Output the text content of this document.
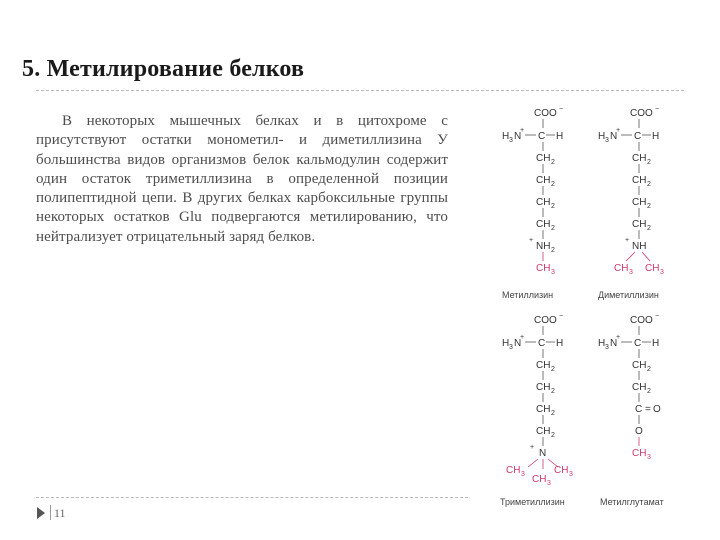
5. Метилирование белков
В некоторых мышечных белках и в цитохроме с присутствуют остатки монометил- и диметиллизина У большинства видов организмов белок кальмодулин содержит один остаток триметиллизина в определенной позиции полипептидной цепи. В других белках карбоксильные группы некоторых остатков Glu подвергаются метилированию, что нейтрализует отрицательный заряд белков.
COO −
H 3 N
+
C H
CH 2
CH 2
CH 2
CH 2
+
NH 2
CH 3
Метиллизин
COO −
H 3 N
+
C H
CH 2
CH 2
CH 2
CH 2
+
NH
CH 3 CH 3
Диметиллизин
COO −
H 3 N
+
C H
CH 2
CH 2
CH 2
CH 2
+
N
CH 3	CH 3
CH 3
Триметиллизин
COO −
H 3 N
+
C H
CH 2
CH 2
C = O
O
CH 3
Метилглутамат
11
